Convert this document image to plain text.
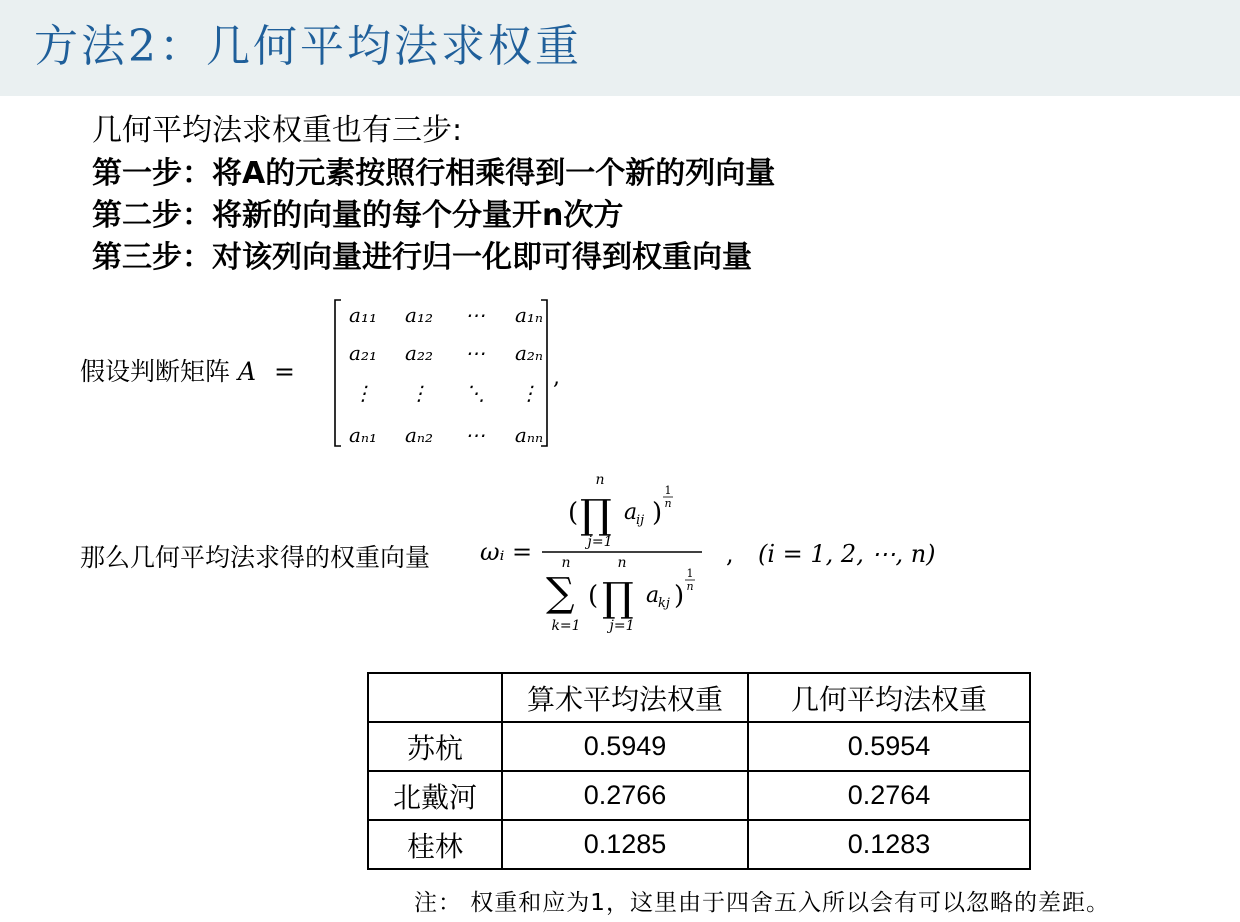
方法2：几何平均法求权重
几何平均法求权重也有三步:
第一步：将A的元素按照行相乘得到一个新的列向量
第二步：将新的向量的每个分量开n次方
第三步：对该列向量进行归一化即可得到权重向量
假设判断矩阵 A =
a₁₁ a₁₂ ⋯ a₁ₙ
a₂₁ a₂₂ ⋯ a₂ₙ
⋮ ⋮ ⋱ ⋮
aₙ₁ aₙ₂ ⋯ aₙₙ
,
那么几何平均法求得的权重向量 ωᵢ =
( ∏
n
j=1
a
ij )
1
n
∑
n
k=1
( ∏
n
j=1
a
kj )
1
n
, (i = 1, 2, ⋯, n)
	算术平均法权重	几何平均法权重
苏杭	0.5949	0.5954
北戴河	0.2766	0.2764
桂林	0.1285	0.1283
注： 权重和应为1，这里由于四舍五入所以会有可以忽略的差距。
